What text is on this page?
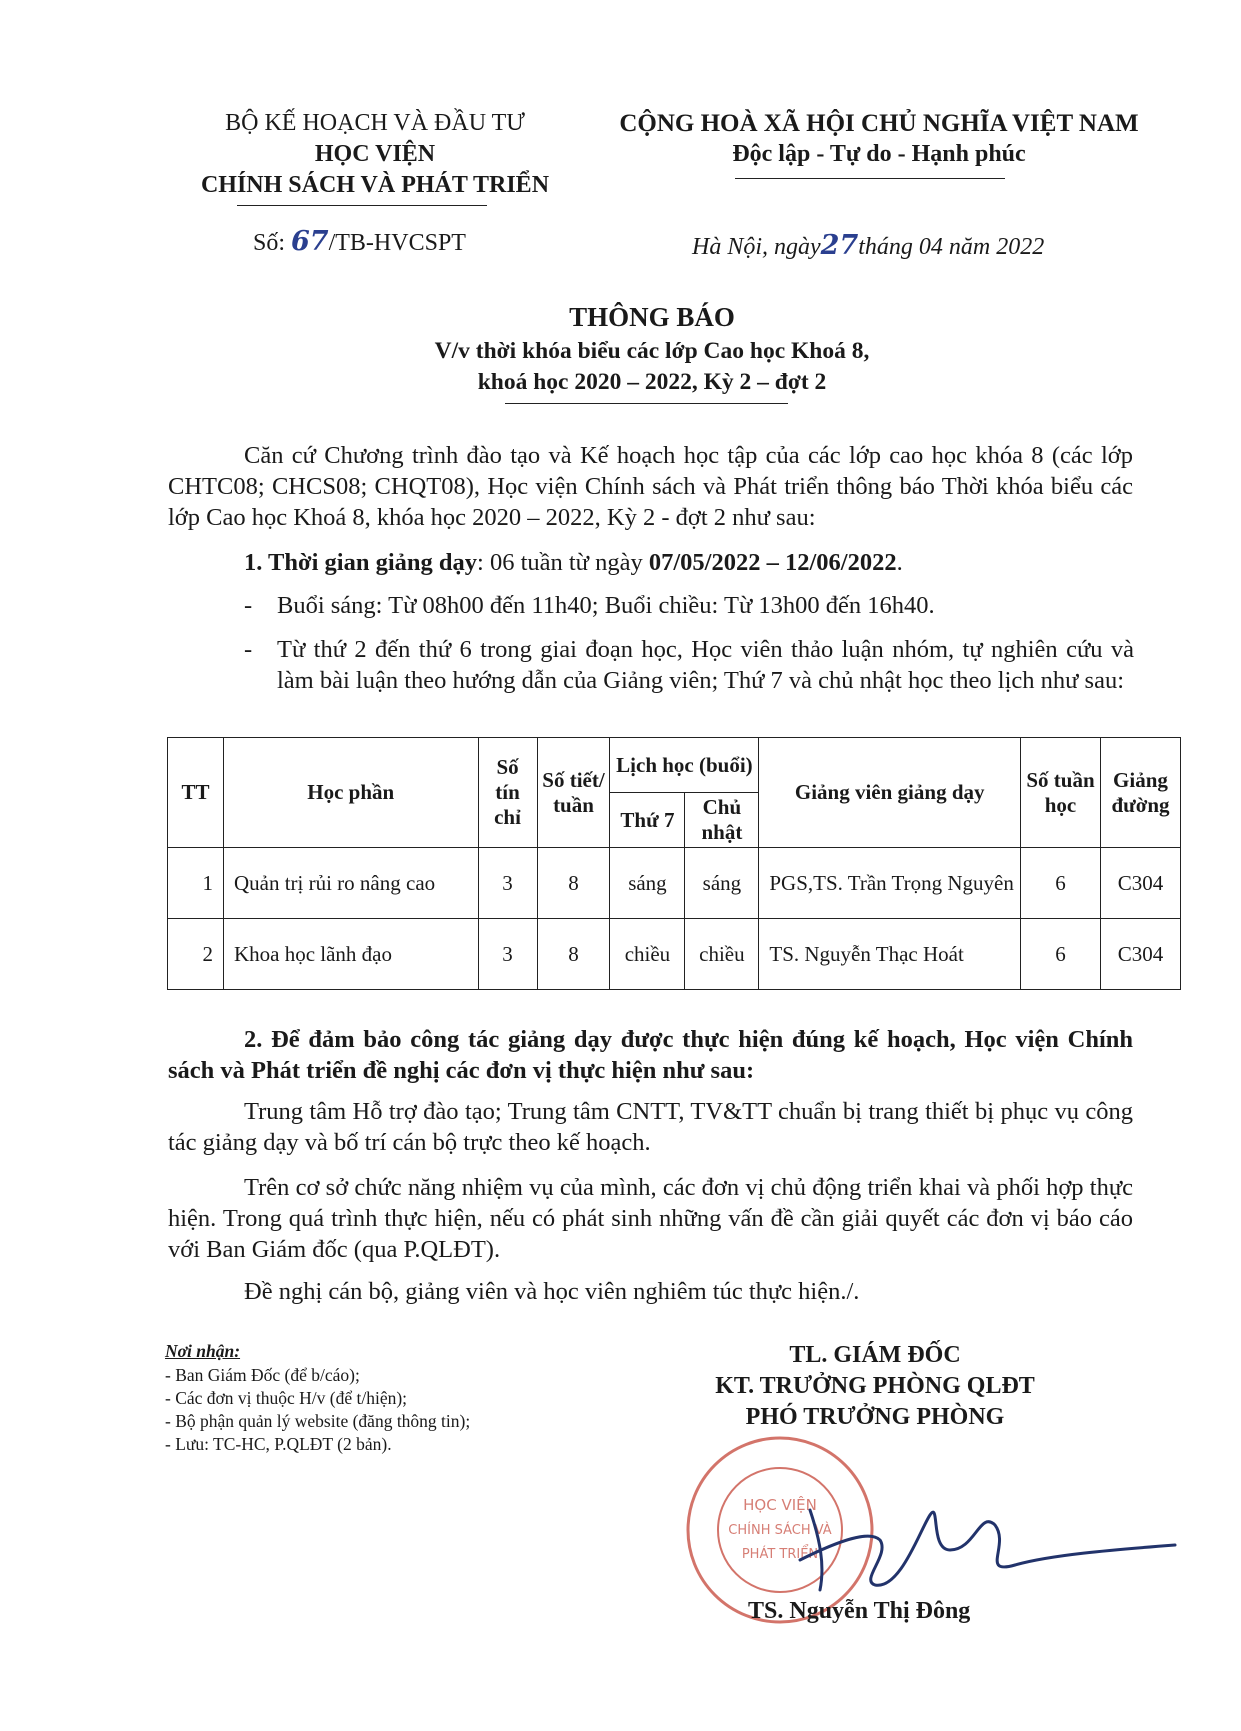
BỘ KẾ HOẠCH VÀ ĐẦU TƯ
HỌC VIỆN
CHÍNH SÁCH VÀ PHÁT TRIỂN
Số: 67/TB-HVCSPT
CỘNG HOÀ XÃ HỘI CHỦ NGHĨA VIỆT NAM
Độc lập - Tự do - Hạnh phúc
Hà Nội, ngày27tháng 04 năm 2022
THÔNG BÁO
V/v thời khóa biểu các lớp Cao học Khoá 8,
khoá học 2020 – 2022, Kỳ 2 – đợt 2
Căn cứ Chương trình đào tạo và Kế hoạch học tập của các lớp cao học khóa 8 (các lớp CHTC08; CHCS08; CHQT08), Học viện Chính sách và Phát triển thông báo Thời khóa biểu các lớp Cao học Khoá 8, khóa học 2020 – 2022, Kỳ 2 - đợt 2 như sau:
1. Thời gian giảng dạy: 06 tuần từ ngày 07/05/2022 – 12/06/2022.
- Buổi sáng: Từ 08h00 đến 11h40; Buổi chiều: Từ 13h00 đến 16h40.
- Từ thứ 2 đến thứ 6 trong giai đoạn học, Học viên thảo luận nhóm, tự nghiên cứu và làm bài luận theo hướng dẫn của Giảng viên; Thứ 7 và chủ nhật học theo lịch như sau:
TT	Học phần	Số tín chỉ	Số tiết/ tuần	Lịch học (buổi)		Giảng viên giảng dạy	Số tuần học	Giảng đường
				Thứ 7	Chủ nhật			
1	Quản trị rủi ro nâng cao	3	8	sáng	sáng	PGS,TS. Trần Trọng Nguyên	6	C304
2	Khoa học lãnh đạo	3	8	chiều	chiều	TS. Nguyễn Thạc Hoát	6	C304
2. Để đảm bảo công tác giảng dạy được thực hiện đúng kế hoạch, Học viện Chính sách và Phát triển đề nghị các đơn vị thực hiện như sau:
Trung tâm Hỗ trợ đào tạo; Trung tâm CNTT, TV&TT chuẩn bị trang thiết bị phục vụ công tác giảng dạy và bố trí cán bộ trực theo kế hoạch.
Trên cơ sở chức năng nhiệm vụ của mình, các đơn vị chủ động triển khai và phối hợp thực hiện. Trong quá trình thực hiện, nếu có phát sinh những vấn đề cần giải quyết các đơn vị báo cáo với Ban Giám đốc (qua P.QLĐT).
Đề nghị cán bộ, giảng viên và học viên nghiêm túc thực hiện./.
Nơi nhận:
- Ban Giám Đốc (để b/cáo);
- Các đơn vị thuộc H/v (để t/hiện);
- Bộ phận quản lý website (đăng thông tin);
- Lưu: TC-HC, P.QLĐT (2 bản).
TL. GIÁM ĐỐC
KT. TRƯỞNG PHÒNG QLĐT
PHÓ TRƯỞNG PHÒNG
HỌC VIỆN
CHÍNH SÁCH VÀ
PHÁT TRIỂN
TS. Nguyễn Thị Đông
